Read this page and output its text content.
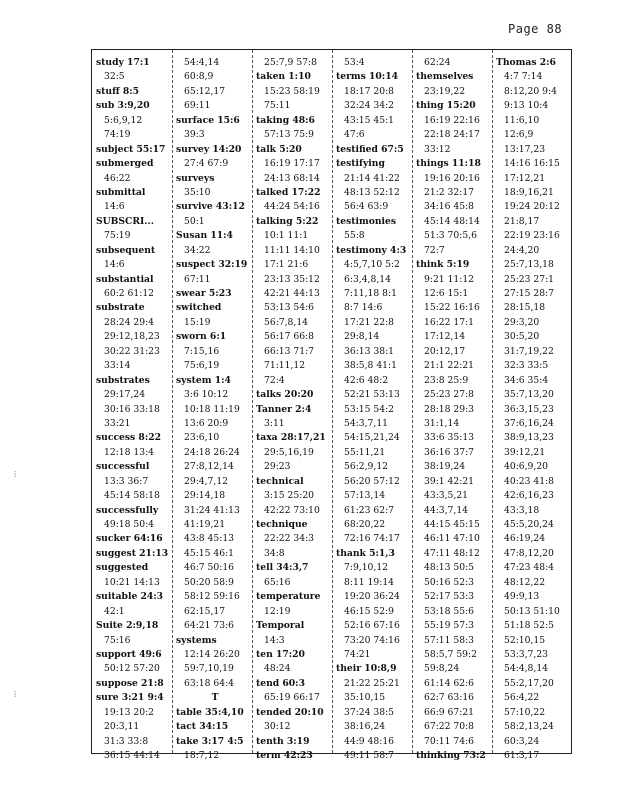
Page 88
study 17:1
32:5
stuff 8:5
sub 3:9,20
5:6,9,12
74:19
subject 55:17
submerged
46:22
submittal
14:6
SUBSCRI...
75:19
subsequent
14:6
substantial
60:2 61:12
substrate
28:24 29:4
29:12,18,23
30:22 31:23
33:14
substrates
29:17,24
30:16 33:18
33:21
success 8:22
12:18 13:4
successful
13:3 36:7
45:14 58:18
successfully
49:18 50:4
sucker 64:16
suggest 21:13
suggested
10:21 14:13
suitable 24:3
42:1
Suite 2:9,18
75:16
support 49:6
50:12 57:20
suppose 21:8
sure 3:21 9:4
19:13 20:2
20:3,11
31:3 33:8
36:15 44:14
54:4,14
60:8,9
65:12,17
69:11
surface 15:6
39:3
survey 14:20
27:4 67:9
surveys
35:10
survive 43:12
50:1
Susan 11:4
34:22
suspect 32:19
67:11
swear 5:23
switched
15:19
sworn 6:1
7:15,16
75:6,19
system 1:4
3:6 10:12
10:18 11:19
13:6 20:9
23:6,10
24:18 26:24
27:8,12,14
29:4,7,12
29:14,18
31:24 41:13
41:19,21
43:8 45:13
45:15 46:1
46:7 50:16
50:20 58:9
58:12 59:16
62:15,17
64:21 73:6
systems
12:14 26:20
59:7,10,19
63:18 64:4
T
table 35:4,10
tact 34:15
take 3:17 4:5
18:7,12
25:7,9 57:8
taken 1:10
15:23 58:19
75:11
taking 48:6
57:13 75:9
talk 5:20
16:19 17:17
24:13 68:14
talked 17:22
44:24 54:16
talking 5:22
10:1 11:1
11:11 14:10
17:1 21:6
23:13 35:12
42:21 44:13
53:13 54:6
56:7,8,14
56:17 66:8
66:13 71:7
71:11,12
72:4
talks 20:20
Tanner 2:4
3:11
taxa 28:17,21
29:5,16,19
29:23
technical
3:15 25:20
42:22 73:10
technique
22:22 34:3
34:8
tell 34:3,7
65:16
temperature
12:19
Temporal
14:3
ten 17:20
48:24
tend 60:3
65:19 66:17
tended 20:10
30:12
tenth 3:19
term 42:23
53:4
terms 10:14
18:17 20:8
32:24 34:2
43:15 45:1
47:6
testified 67:5
testifying
21:14 41:22
48:13 52:12
56:4 63:9
testimonies
55:8
testimony 4:3
4:5,7,10 5:2
6:3,4,8,14
7:11,18 8:1
8:7 14:6
17:21 22:8
29:8,14
36:13 38:1
38:5,8 41:1
42:6 48:2
52:21 53:13
53:15 54:2
54:3,7,11
54:15,21,24
55:11,21
56:2,9,12
56:20 57:12
57:13,14
61:23 62:7
68:20,22
72:16 74:17
thank 5:1,3
7:9,10,12
8:11 19:14
19:20 36:24
46:15 52:9
52:16 67:16
73:20 74:16
74:21
their 10:8,9
21:22 25:21
35:10,15
37:24 38:5
38:16,24
44:9 48:16
49:11 58:7
62:24
themselves
23:19,22
thing 15:20
16:19 22:16
22:18 24:17
33:12
things 11:18
19:16 20:16
21:2 32:17
34:16 45:8
45:14 48:14
51:3 70:5,6
72:7
think 5:19
9:21 11:12
12:6 15:1
15:22 16:16
16:22 17:1
17:12,14
20:12,17
21:1 22:21
23:8 25:9
25:23 27:8
28:18 29:3
31:1,14
33:6 35:13
36:16 37:7
38:19,24
39:1 42:21
43:3,5,21
44:3,7,14
44:15 45:15
46:11 47:10
47:11 48:12
48:13 50:5
50:16 52:3
52:17 53:3
53:18 55:6
55:19 57:3
57:11 58:3
58:5,7 59:2
59:8,24
61:14 62:6
62:7 63:16
66:9 67:21
67:22 70:8
70:11 74:6
thinking 73:2
Thomas 2:6
4:7 7:14
8:12,20 9:4
9:13 10:4
11:6,10
12:6,9
13:17,23
14:16 16:15
17:12,21
18:9,16,21
19:24 20:12
21:8,17
22:19 23:16
24:4,20
25:7,13,18
25:23 27:1
27:15 28:7
28:15,18
29:3,20
30:5,20
31:7,19,22
32:3 33:5
34:6 35:4
35:7,13,20
36:3,15,23
37:6,16,24
38:9,13,23
39:12,21
40:6,9,20
40:23 41:8
42:6,16,23
43:3,18
45:5,20,24
46:19,24
47:8,12,20
47:23 48:4
48:12,22
49:9,13
50:13 51:10
51:18 52:5
52:10,15
53:3,7,23
54:4,8,14
55:2,17,20
56:4,22
57:10,22
58:2,13,24
60:3,24
61:3,17
⁞
⁞
